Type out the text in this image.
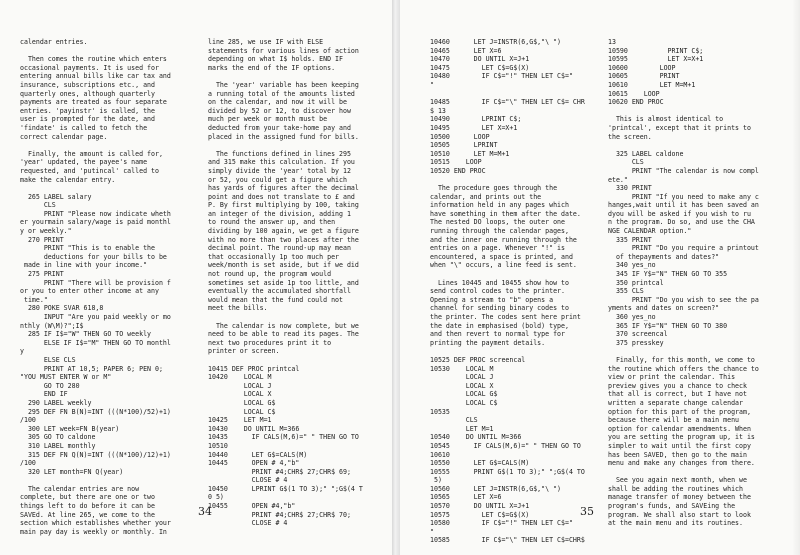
calendar entries.
Then comes the routine which enters
occasional payments. It is used for
entering annual bills like car tax and
insurance, subscriptions etc., and
quarterly ones, although quarterly
payments are treated as four separate
entries. 'payinstr' is called, the
user is prompted for the date, and
'findate' is called to fetch the
correct calendar page.
Finally, the amount is called for,
'year' updated, the payee's name
requested, and 'putincal' called to
make the calendar entry.
265 LABEL salary
CLS
PRINT "Please now indicate wheth
er yourmain salary/wage is paid monthl
y or weekly."
270 PRINT
PRINT "This is to enable the
deductions for your bills to be
made in line with your income."
275 PRINT
PRINT "There will be provision f
or you to enter other income at any
time."
280 POKE SVAR 618,8
INPUT "Are you paid weekly or mo
nthly (W\M)?";I$
285 IF I$="W" THEN GO TO weekly
ELSE IF I$="M" THEN GO TO monthl
y
ELSE CLS
PRINT AT 10,5; PAPER 6; PEN 0;
"YOU MUST ENTER W or M"
GO TO 280
END IF
290 LABEL weekly
295 DEF FN B(N)=INT (((N*100)/52)+1)
/100
300 LET week=FN B(year)
305 GO TO caldone
310 LABEL monthly
315 DEF FN Q(N)=INT (((N*100)/12)+1)
/100
320 LET month=FN Q(year)
The calendar entries are now
complete, but there are one or two
things left to do before it can be
SAVEd. At line 265, we come to the
section which establishes whether your
main pay day is weekly or monthly. In
line 285, we use IF with ELSE
statements for various lines of action
depending on what I$ holds. END IF
marks the end of the IF options.
The 'year' variable has been keeping
a running total of the amounts listed
on the calendar, and now it will be
divided by 52 or 12, to discover how
much per week or month must be
deducted from your take-home pay and
placed in the assigned fund for bills.
The functions defined in lines 295
and 315 make this calculation. If you
simply divide the 'year' total by 12
or 52, you could get a figure which
has yards of figures after the decimal
point and does not translate to £ and
P. By first multiplying by 100, taking
an integer of the division, adding 1
to round the answer up, and then
dividing by 100 again, we get a figure
with no more than two places after the
decimal point. The round-up may mean
that occasionally 1p too much per
week/month is set aside, but if we did
not round up, the program would
sometimes set aside 1p too little, and
eventually the accumulated shortfall
would mean that the fund could not
meet the bills.
The calendar is now complete, but we
need to be able to read its pages. The
next two procedures print it to
printer or screen.
10415 DEF PROC printcal
10420    LOCAL M
LOCAL J
LOCAL X
LOCAL G$
LOCAL C$
10425    LET M=1
10430    DO UNTIL M=366
10435      IF CALS(M,6)=" " THEN GO TO
10510
10440      LET G$=CALS(M)
10445      OPEN # 4,"b"
PRINT #4;CHR$ 27;CHR$ 69;
CLOSE # 4
10450      LPRINT G$(1 TO 3);" ";G$(4 T
0 5)
10455      OPEN #4,"b"
PRINT #4;CHR$ 27;CHR$ 70;
CLOSE # 4
34	35
10460      LET J=INSTR(6,G$,"\ ")
10465      LET X=6
10470      DO UNTIL X=J+1
10475        LET C$=G$(X)
10480        IF C$="!" THEN LET C$="
"
10485        IF C$="\" THEN LET C$= CHR
$ 13
10490        LPRINT C$;
10495        LET X=X+1
10500      LOOP
10505      LPRINT
10510      LET M=M+1
10515    LOOP
10520 END PROC
The procedure goes through the
calendar, and prints out the
information held in any pages which
have something in them after the date.
The nested DO loops, the outer one
running through the calendar pages,
and the inner one running through the
entries on a page. Whenever "!" is
encountered, a space is printed, and
when "\" occurs, a line feed is sent.
Lines 10445 and 10455 show how to
send control codes to the printer.
Opening a stream to "b" opens a
channel for sending binary codes to
the printer. The codes sent here print
the date in emphasised (bold) type,
and then revert to normal type for
printing the payment details.
10525 DEF PROC screencal
10530    LOCAL M
LOCAL J
LOCAL X
LOCAL G$
LOCAL C$
10535
CLS
LET M=1
10540    DO UNTIL M=366
10545      IF CALS(M,6)=" " THEN GO TO
10610
10550      LET G$=CALS(M)
10555      PRINT G$(1 TO 3);" ";G$(4 TO
5)
10560      LET J=INSTR(6,G$,"\ ")
10565      LET X=6
10570      DO UNTIL X=J+1
10575        LET C$=G$(X)
10580        IF C$="!" THEN LET C$="
"
10585        IF C$="\" THEN LET C$=CHR$
13
10590          PRINT C$;
10595          LET X=X+1
10600        LOOP
10605        PRINT
10610        LET M=M+1
10615    LOOP
10620 END PROC
This is almost identical to
'printcal', except that it prints to
the screen.
325 LABEL caldone
CLS
PRINT "The calendar is now compl
ete."
330 PRINT
PRINT "If you need to make any c
hanges,wait until it has been saved an
dyou will be asked if you wish to ru
n the program. Do so, and use the CHA
NGE CALENDAR option."
335 PRINT
PRINT "Do you require a printout
of thepayments and dates?"
340 yes_no
345 IF Y$="N" THEN GO TO 355
350 printcal
355 CLS
PRINT "Do you wish to see the pa
yments and dates on screen?"
360 yes_no
365 IF Y$="N" THEN GO TO 380
370 screencal
375 presskey
Finally, for this month, we come to
the routine which offers the chance to
view or print the calendar. This
preview gives you a chance to check
that all is correct, but I have not
written a separate change calendar
option for this part of the program,
because there will be a main menu
option for calendar amendments. When
you are setting the program up, it is
simpler to wait until the first copy
has been SAVED, then go to the main
menu and make any changes from there.
See you again next month, when we
shall be adding the routines which
manage transfer of money between the
program's funds, and SAVEing the
program. We shall also start to look
at the main menu and its routines.
